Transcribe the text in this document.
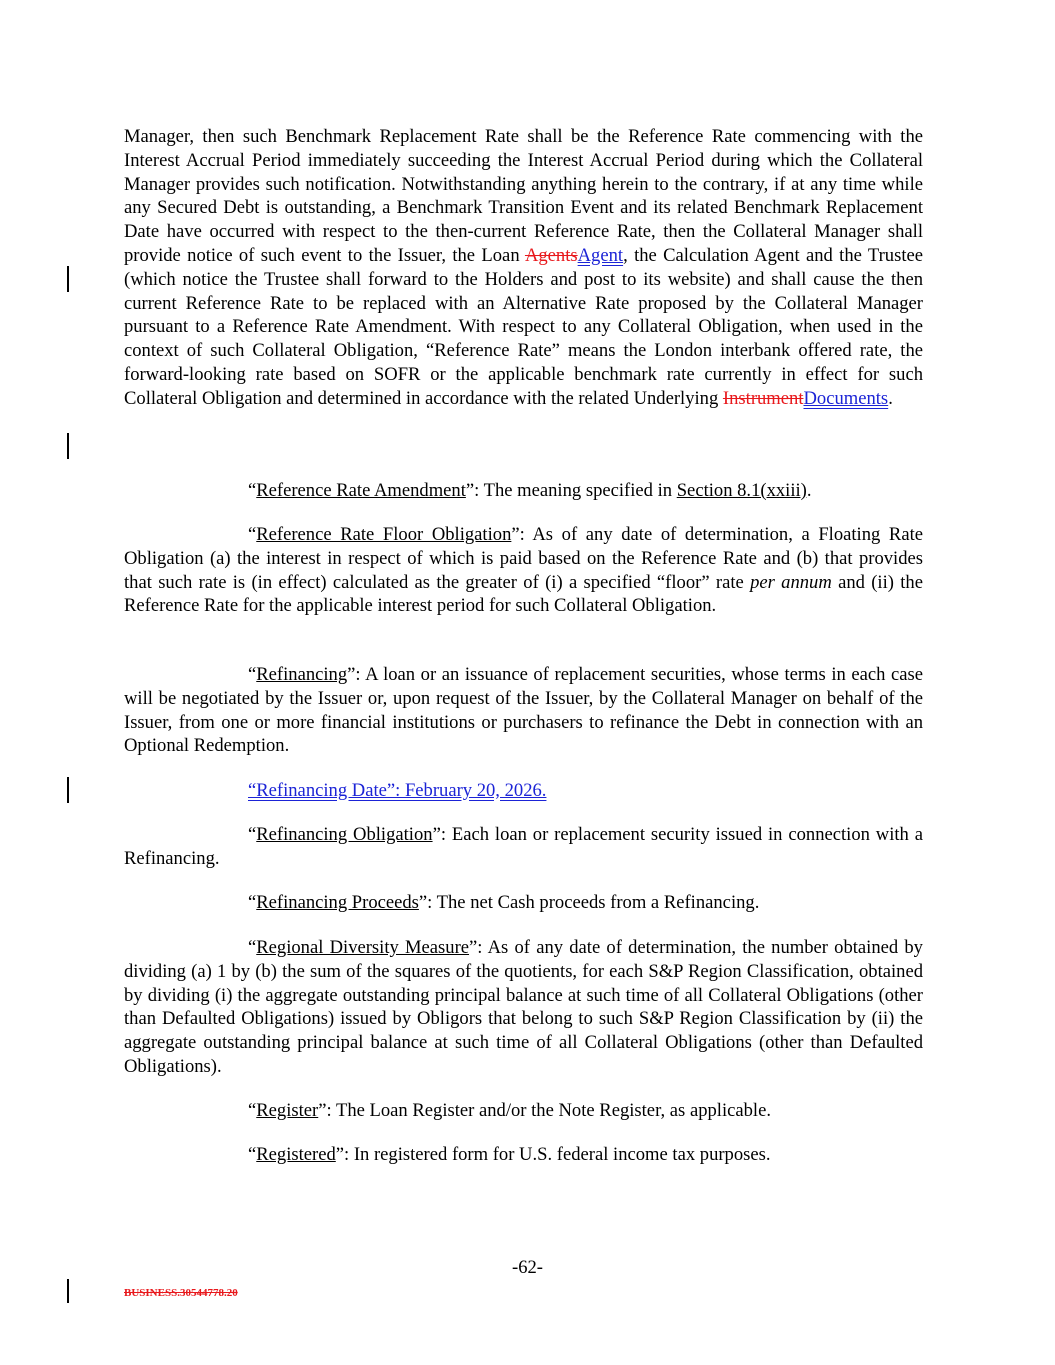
Manager, then such Benchmark Replacement Rate shall be the Reference Rate commencing with the Interest Accrual Period immediately succeeding the Interest Accrual Period during which the Collateral Manager provides such notification. Notwithstanding anything herein to the contrary, if at any time while any Secured Debt is outstanding, a Benchmark Transition Event and its related Benchmark Replacement Date have occurred with respect to the then-current Reference Rate, then the Collateral Manager shall provide notice of such event to the Issuer, the Loan AgentsAgent, the Calculation Agent and the Trustee (which notice the Trustee shall forward to the Holders and post to its website) and shall cause the then current Reference Rate to be replaced with an Alternative Rate proposed by the Collateral Manager pursuant to a Reference Rate Amendment. With respect to any Collateral Obligation, when used in the context of such Collateral Obligation, “Reference Rate” means the London interbank offered rate, the forward-looking rate based on SOFR or the applicable benchmark rate currently in effect for such Collateral Obligation and determined in accordance with the related Underlying InstrumentDocuments.

“Reference Rate Amendment”: The meaning specified in Section 8.1(xxiii).

“Reference Rate Floor Obligation”: As of any date of determination, a Floating Rate Obligation (a) the interest in respect of which is paid based on the Reference Rate and (b) that provides that such rate is (in effect) calculated as the greater of (i) a specified “floor” rate per annum and (ii) the Reference Rate for the applicable interest period for such Collateral Obligation.

“Refinancing”: A loan or an issuance of replacement securities, whose terms in each case will be negotiated by the Issuer or, upon request of the Issuer, by the Collateral Manager on behalf of the Issuer, from one or more financial institutions or purchasers to refinance the Debt in connection with an Optional Redemption.

“Refinancing Date”: February 20, 2026.

“Refinancing Obligation”: Each loan or replacement security issued in connection with a Refinancing.

“Refinancing Proceeds”: The net Cash proceeds from a Refinancing.

“Regional Diversity Measure”: As of any date of determination, the number obtained by dividing (a) 1 by (b) the sum of the squares of the quotients, for each S&P Region Classification, obtained by dividing (i) the aggregate outstanding principal balance at such time of all Collateral Obligations (other than Defaulted Obligations) issued by Obligors that belong to such S&P Region Classification by (ii) the aggregate outstanding principal balance at such time of all Collateral Obligations (other than Defaulted Obligations).

“Register”: The Loan Register and/or the Note Register, as applicable.

“Registered”: In registered form for U.S. federal income tax purposes.

-62-
BUSINESS.30544778.20
